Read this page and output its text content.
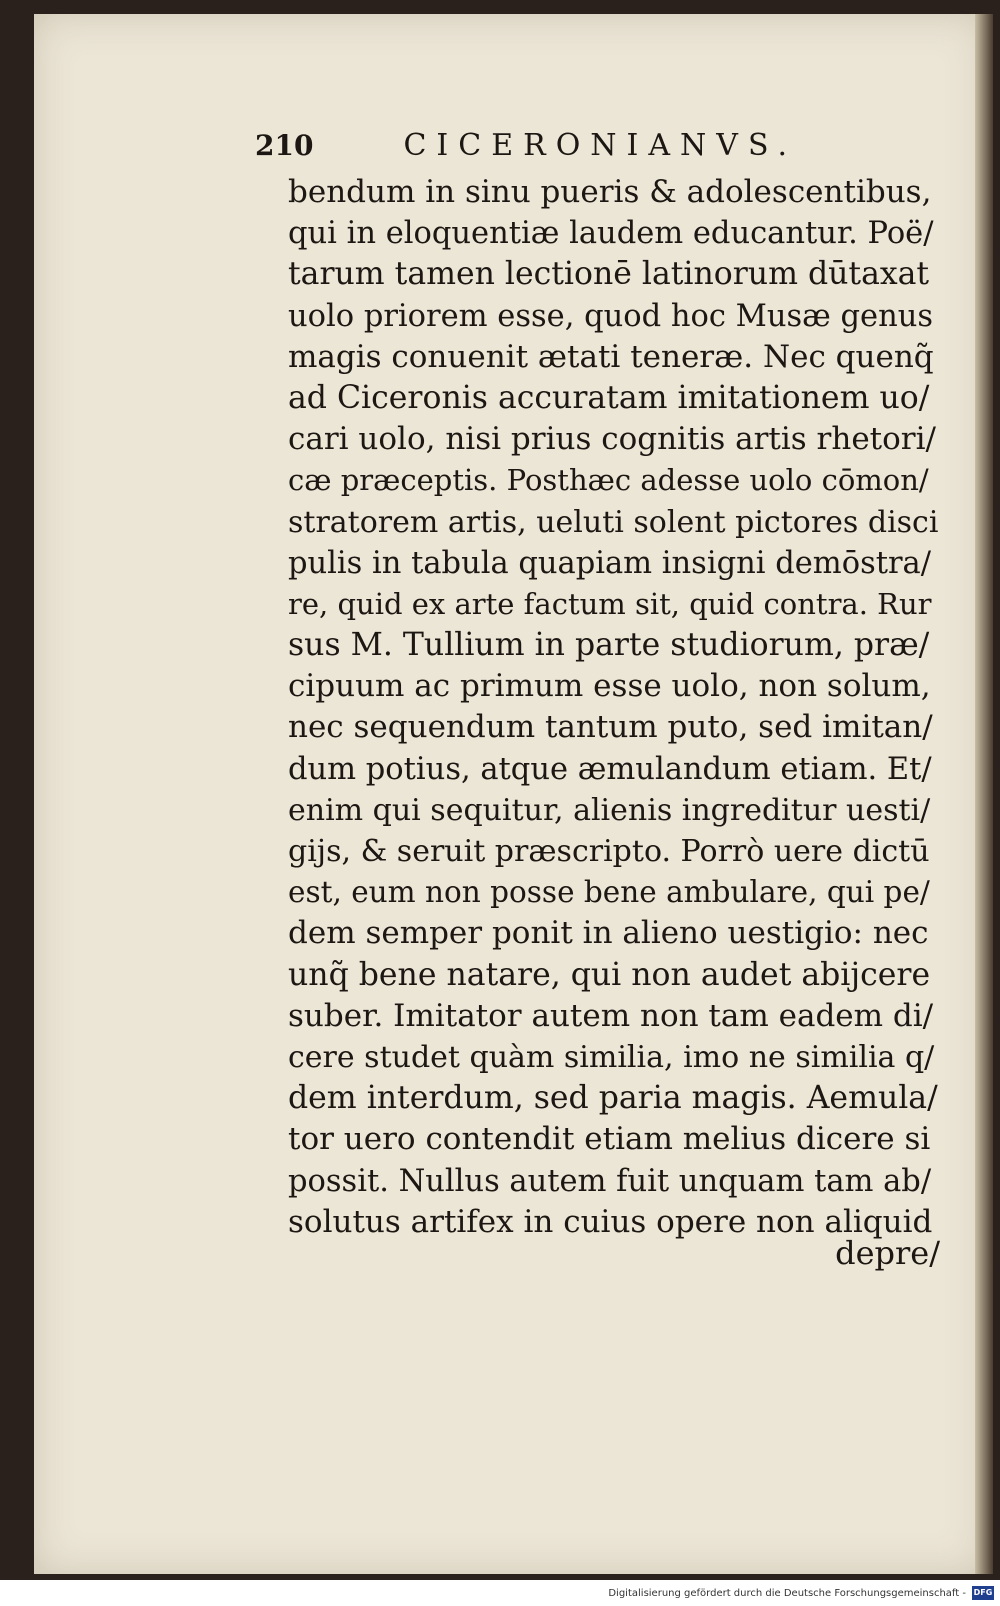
210	CICERONIANVS.
bendum in sinu pueris & adolescentibus,
qui in eloquentiæ laudem educantur. Poë/
tarum tamen lectionē latinorum dūtaxat
uolo priorem esse, quod hoc Musæ genus
magis conuenit ætati teneræ. Nec quenq̃
ad Ciceronis accuratam imitationem uo/
cari uolo, nisi prius cognitis artis rhetori/
cæ præceptis. Posthæc adesse uolo cōmon/
stratorem artis, ueluti solent pictores disci
pulis in tabula quapiam insigni demōstra/
re, quid ex arte factum sit, quid contra. Rur
sus M. Tullium in parte studiorum, præ/
cipuum ac primum esse uolo, non solum,
nec sequendum tantum puto, sed imitan/
dum potius, atque æmulandum etiam. Et/
enim qui sequitur, alienis ingreditur uesti/
gijs, & seruit præscripto. Porrò uere dictū
est, eum non posse bene ambulare, qui pe/
dem semper ponit in alieno uestigio: nec
unq̃ bene natare, qui non audet abijcere
suber. Imitator autem non tam eadem di/
cere studet quàm similia, imo ne similia q/
dem interdum, sed paria magis. Aemula/
tor uero contendit etiam melius dicere si
possit. Nullus autem fuit unquam tam ab/
solutus artifex in cuius opere non aliquid
depre/
Digitalisierung gefördert durch die Deutsche Forschungsgemeinschaft - DFG
